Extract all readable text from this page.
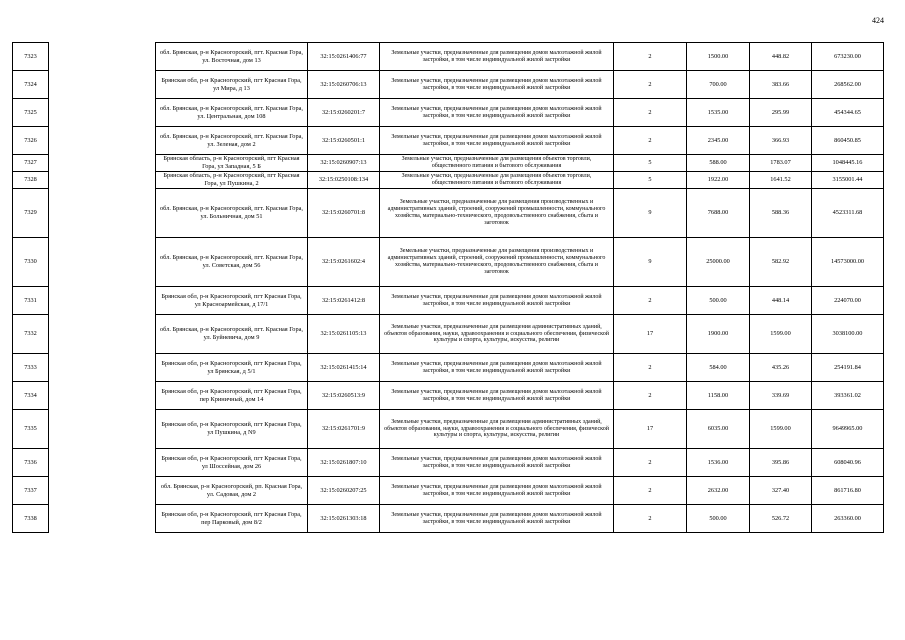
424
7323		обл. Брянская, р-н Красногорский, пгт. Красная Гора, ул. Восточная, дом 13	32:15:0261406:77	Земельные участки, предназначенные для размещения домов малоэтажной жилой застройки, в том числе индивидуальной жилой застройки	2	1500.00	448.82	673230.00
7324		Брянская обл, р-н Красногорский, пгт Красная Гора, ул Мира, д 13	32:15:0260706:13	Земельные участки, предназначенные для размещения домов малоэтажной жилой застройки, в том числе индивидуальной жилой застройки	2	700.00	383.66	268562.00
7325		обл. Брянская, р-н Красногорский, пгт. Красная Гора, ул. Центральная, дом 108	32:15:0260201:7	Земельные участки, предназначенные для размещения домов малоэтажной жилой застройки, в том числе индивидуальной жилой застройки	2	1535.00	295.99	454344.65
7326		обл. Брянская, р-н Красногорский, пгт. Красная Гора, ул. Зеленая, дом 2	32:15:0260501:1	Земельные участки, предназначенные для размещения домов малоэтажной жилой застройки, в том числе индивидуальной жилой застройки	2	2345.00	366.93	860450.85
7327		Брянская область, р-н Красногорский, пгт Красная Гора, ул Западная, 5 Б	32:15:0260907:13	Земельные участки, предназначенные для размещения объектов торговли, общественного питания и бытового обслуживания	5	588.00	1783.07	1048445.16
7328		Брянская область, р-н Красногорский, пгт Красная Гора, ул Пушкина, 2	32:15:0250108:134	Земельные участки, предназначенные для размещения объектов торговли, общественного питания и бытового обслуживания	5	1922.00	1641.52	3155001.44
7329		обл. Брянская, р-н Красногорский, пгт. Красная Гора, ул. Больничная, дом 51	32:15:0260701:8	Земельные участки, предназначенные для размещения производственных и административных зданий, строений, сооружений промышленности, коммунального хозяйства, материально-технического, продовольственного снабжения, сбыта и заготовок	9	7688.00	588.36	4523311.68
7330		обл. Брянская, р-н Красногорский, пгт. Красная Гора, ул. Советская, дом 56	32:15:0261602:4	Земельные участки, предназначенные для размещения производственных и административных зданий, строений, сооружений промышленности, коммунального хозяйства, материально-технического, продовольственного снабжения, сбыта и заготовок	9	25000.00	582.92	14573000.00
7331		Брянская обл, р-н Красногорский, пгт Красная Гора, ул Красноармейская, д 17/1	32:15:0261412:8	Земельные участки, предназначенные для размещения домов малоэтажной жилой застройки, в том числе индивидуальной жилой застройки	2	500.00	448.14	224070.00
7332		обл. Брянская, р-н Красногорский, пгт. Красная Гора, ул. Буйневича, дом 9	32:15:0261105:13	Земельные участки, предназначенные для размещения административных зданий, объектов образования, науки, здравоохранения и социального обеспечения, физической культуры и спорта, культуры, искусства, религии	17	1900.00	1599.00	3038100.00
7333		Брянская обл, р-н Красногорский, пгт Красная Гора, ул Брянская, д 5/1	32:15:0261415:14	Земельные участки, предназначенные для размещения домов малоэтажной жилой застройки, в том числе индивидуальной жилой застройки	2	584.00	435.26	254191.84
7334		Брянская обл, р-н Красногорский, пгт Красная Гора, пер Криничный, дом 14	32:15:0260513:9	Земельные участки, предназначенные для размещения домов малоэтажной жилой застройки, в том числе индивидуальной жилой застройки	2	1158.00	339.69	393361.02
7335		Брянская обл, р-н Красногорский, пгт Красная Гора, ул Пушкина, д N9	32:15:0261701:9	Земельные участки, предназначенные для размещения административных зданий, объектов образования, науки, здравоохранения и социального обеспечения, физической культуры и спорта, культуры, искусства, религии	17	6035.00	1599.00	9649965.00
7336		Брянская обл, р-н Красногорский, пгт Красная Гора, ул Шоссейная, дом 26	32:15:0261807:10	Земельные участки, предназначенные для размещения домов малоэтажной жилой застройки, в том числе индивидуальной жилой застройки	2	1536.00	395.86	608040.96
7337		обл. Брянская, р-н Красногорский, рп. Красная Гора, ул. Садовая, дом 2	32:15:0260207:25	Земельные участки, предназначенные для размещения домов малоэтажной жилой застройки, в том числе индивидуальной жилой застройки	2	2632.00	327.40	861716.80
7338		Брянская обл, р-н Красногорский, пгт Красная Гора, пер Парковый, дом 8/2	32:15:0261303:18	Земельные участки, предназначенные для размещения домов малоэтажной жилой застройки, в том числе индивидуальной жилой застройки	2	500.00	526.72	263360.00
